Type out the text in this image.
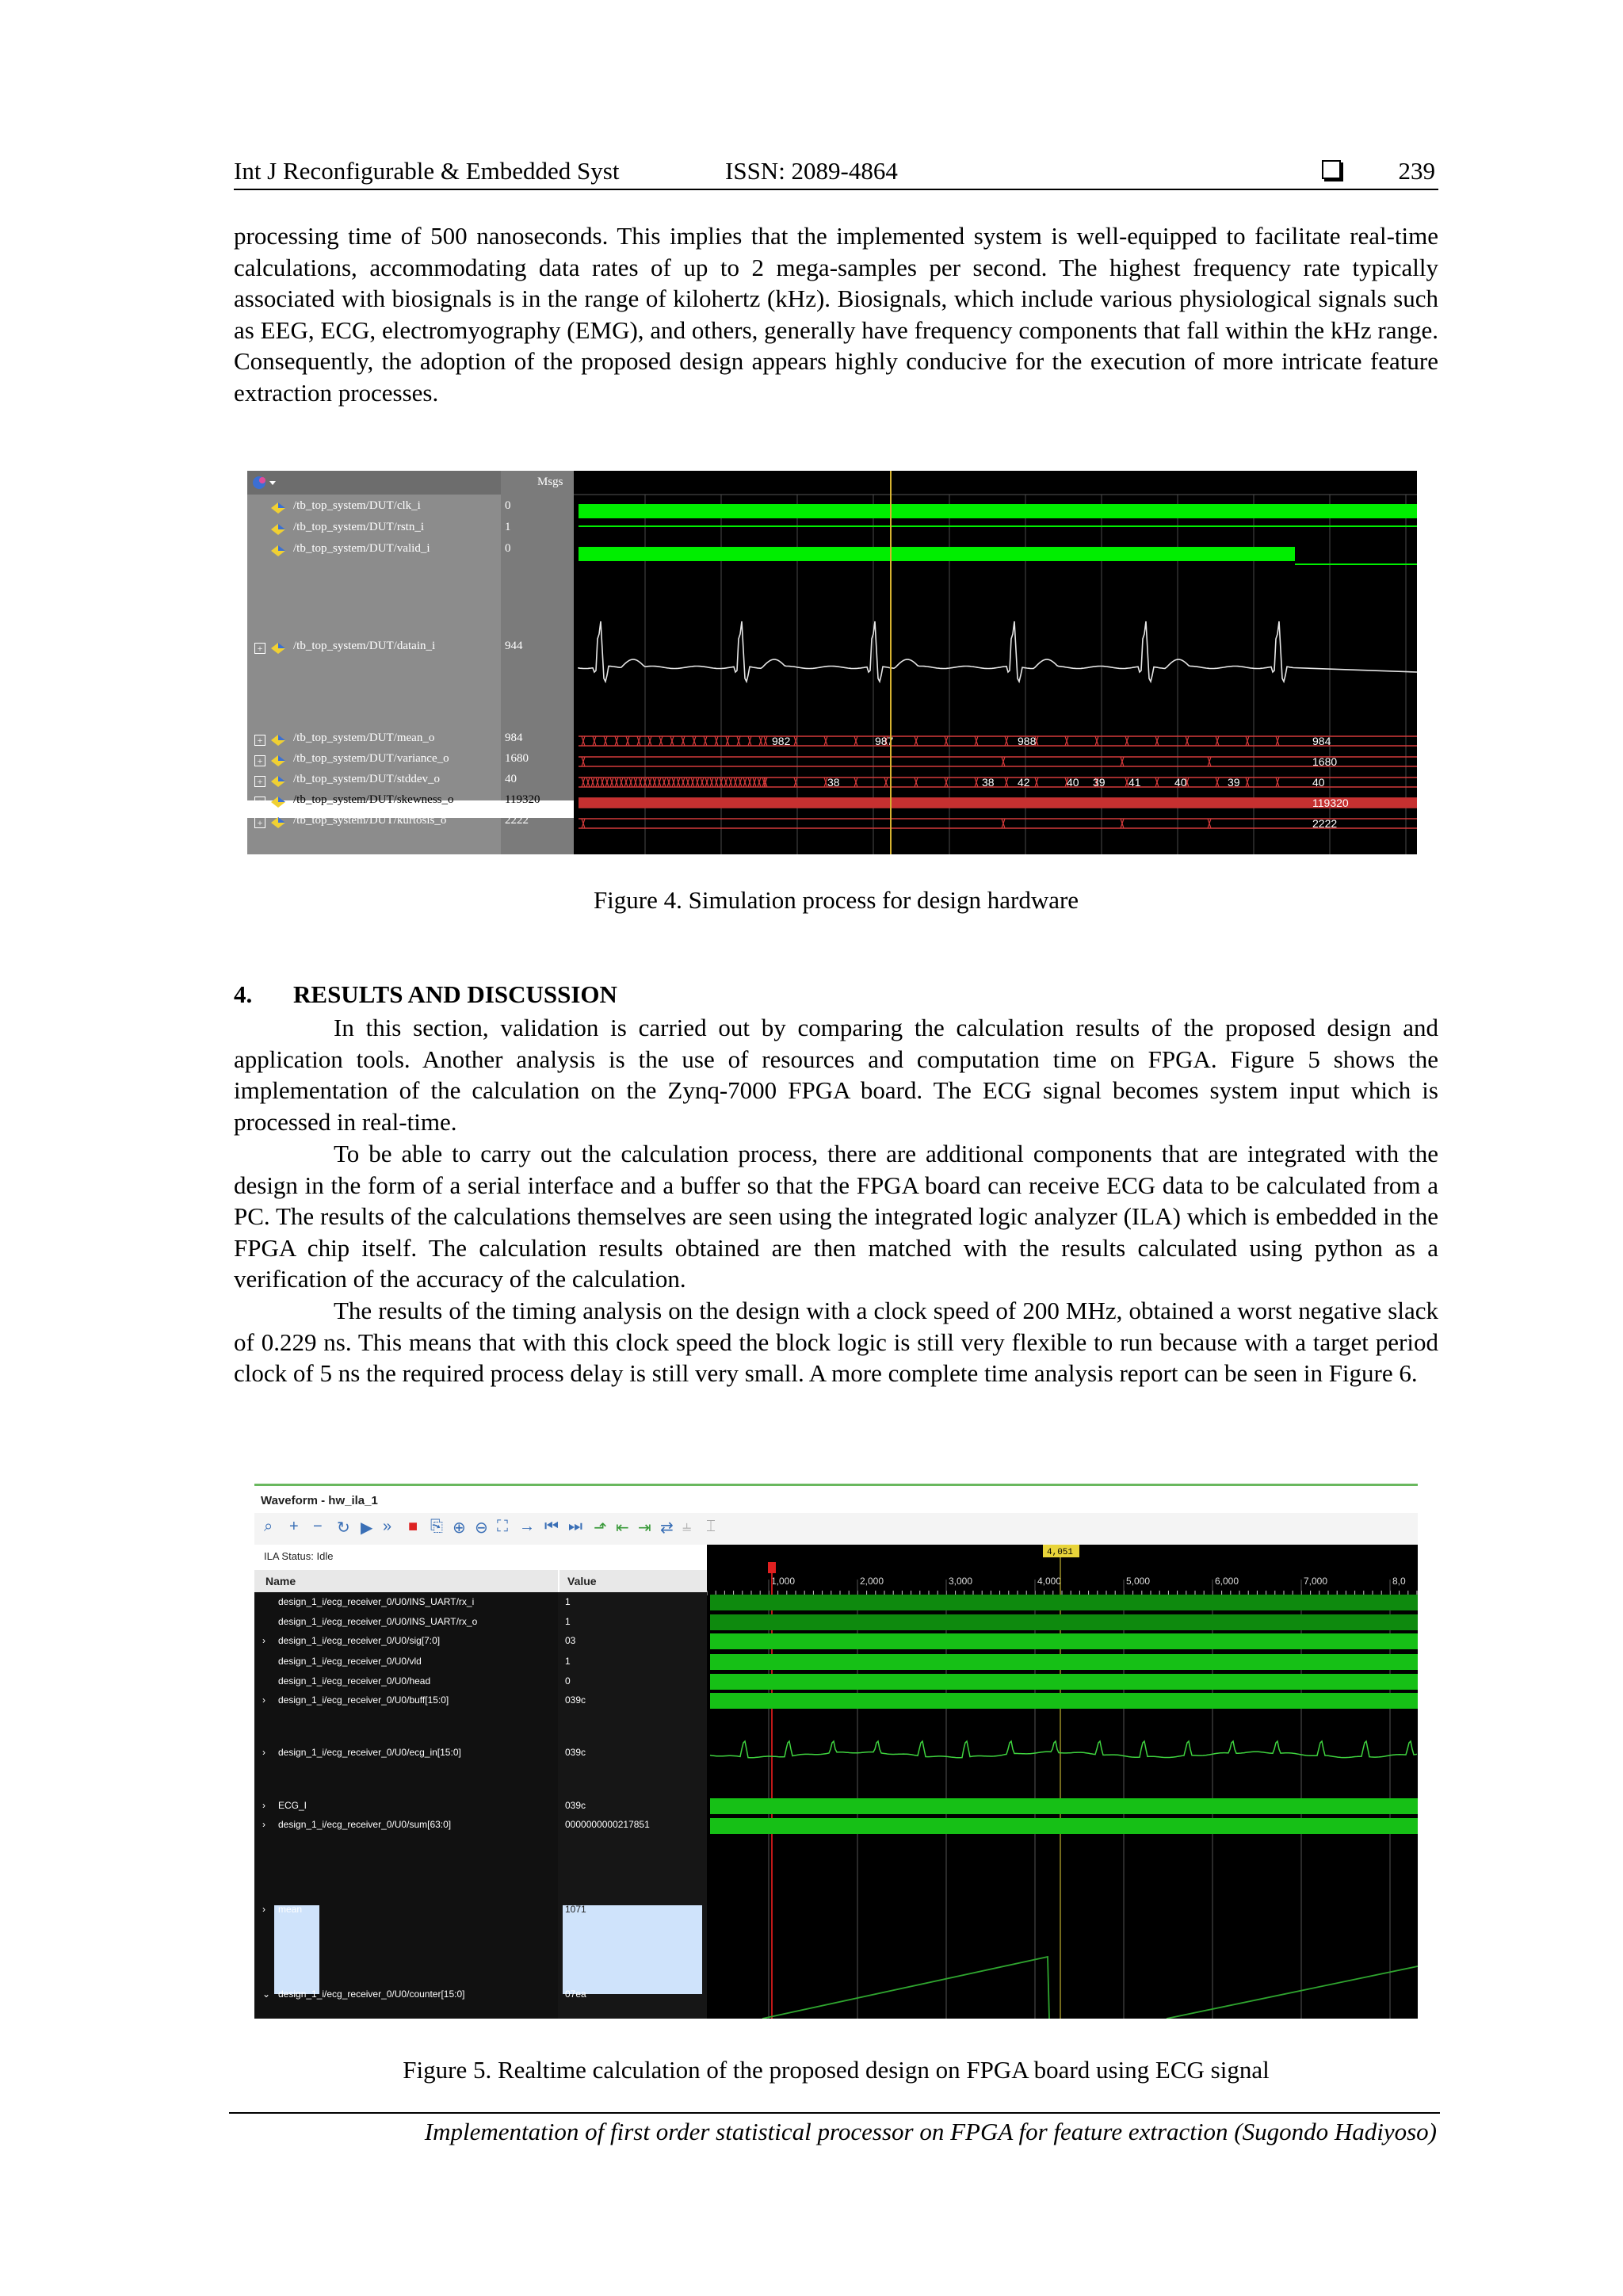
Int J Reconfigurable & Embedded Syst	ISSN: 2089-4864	239

processing time of 500 nanoseconds. This implies that the implemented system is well-equipped to facilitate real-time calculations, accommodating data rates of up to 2 mega-samples per second. The highest frequency rate typically associated with biosignals is in the range of kilohertz (kHz). Biosignals, which include various physiological signals such as EEG, ECG, electromyography (EMG), and others, generally have frequency components that fall within the kHz range. Consequently, the adoption of the proposed design appears highly conducive for the execution of more intricate feature extraction processes.

Msgs
982	987	988	984
1680
38	38 42	40 39 41	40	39	40
119320
2222
/tb_top_system/DUT/clk_i	0
/tb_top_system/DUT/rstn_i	1
/tb_top_system/DUT/valid_i	0
+	/tb_top_system/DUT/datain_i	944
+	/tb_top_system/DUT/mean_o	984
+	/tb_top_system/DUT/variance_o	1680
+	/tb_top_system/DUT/stddev_o	40
+	/tb_top_system/DUT/skewness_o	119320
+	/tb_top_system/DUT/kurtosis_o	2222
Figure 4. Simulation process for design hardware
4. RESULTS AND DISCUSSION

In this section, validation is carried out by comparing the calculation results of the proposed design and application tools. Another analysis is the use of resources and computation time on FPGA. Figure 5 shows the implementation of the calculation on the Zynq-7000 FPGA board. The ECG signal becomes system input which is processed in real-time.

To be able to carry out the calculation process, there are additional components that are integrated with the design in the form of a serial interface and a buffer so that the FPGA board can receive ECG data to be calculated from a PC. The results of the calculations themselves are seen using the integrated logic analyzer (ILA) which is embedded in the FPGA chip itself. The calculation results obtained are then matched with the results calculated using python as a verification of the accuracy of the calculation.

The results of the timing analysis on the design with a clock speed of 200 MHz, obtained a worst negative slack of 0.229 ns. This means that with this clock speed the block logic is still very flexible to run because with a target period clock of 5 ns the required process delay is still very small. A more complete time analysis report can be seen in Figure 6.

Waveform - hw_ila_1
⌕ + − ↻ ▶ » ■ ⎘ ⊕ ⊖ ⛶ → ⏮ ⏭ ⬏ ⇤ ⇥ ⇄ ⫨ ⌶
ILA Status: Idle
Name	Value	1,000	2,000	3,000	4,000	5,000	6,000	7,000	8,0
4,051
design_1_i/ecg_receiver_0/U0/INS_UART/rx_i	1
design_1_i/ecg_receiver_0/U0/INS_UART/rx_o	1
design_1_i/ecg_receiver_0/U0/sig[7:0]
›	03
design_1_i/ecg_receiver_0/U0/vld	1
design_1_i/ecg_receiver_0/U0/head	0
design_1_i/ecg_receiver_0/U0/buff[15:0]
›	039c
design_1_i/ecg_receiver_0/U0/ecg_in[15:0]
›	039c
ECG_I
›	039c
design_1_i/ecg_receiver_0/U0/sum[63:0]
›	0000000000217851
mean
›	1071
design_1_i/ecg_receiver_0/U0/counter[15:0]
⌄	07ea
Figure 5. Realtime calculation of the proposed design on FPGA board using ECG signal
Implementation of first order statistical processor on FPGA for feature extraction (Sugondo Hadiyoso)
